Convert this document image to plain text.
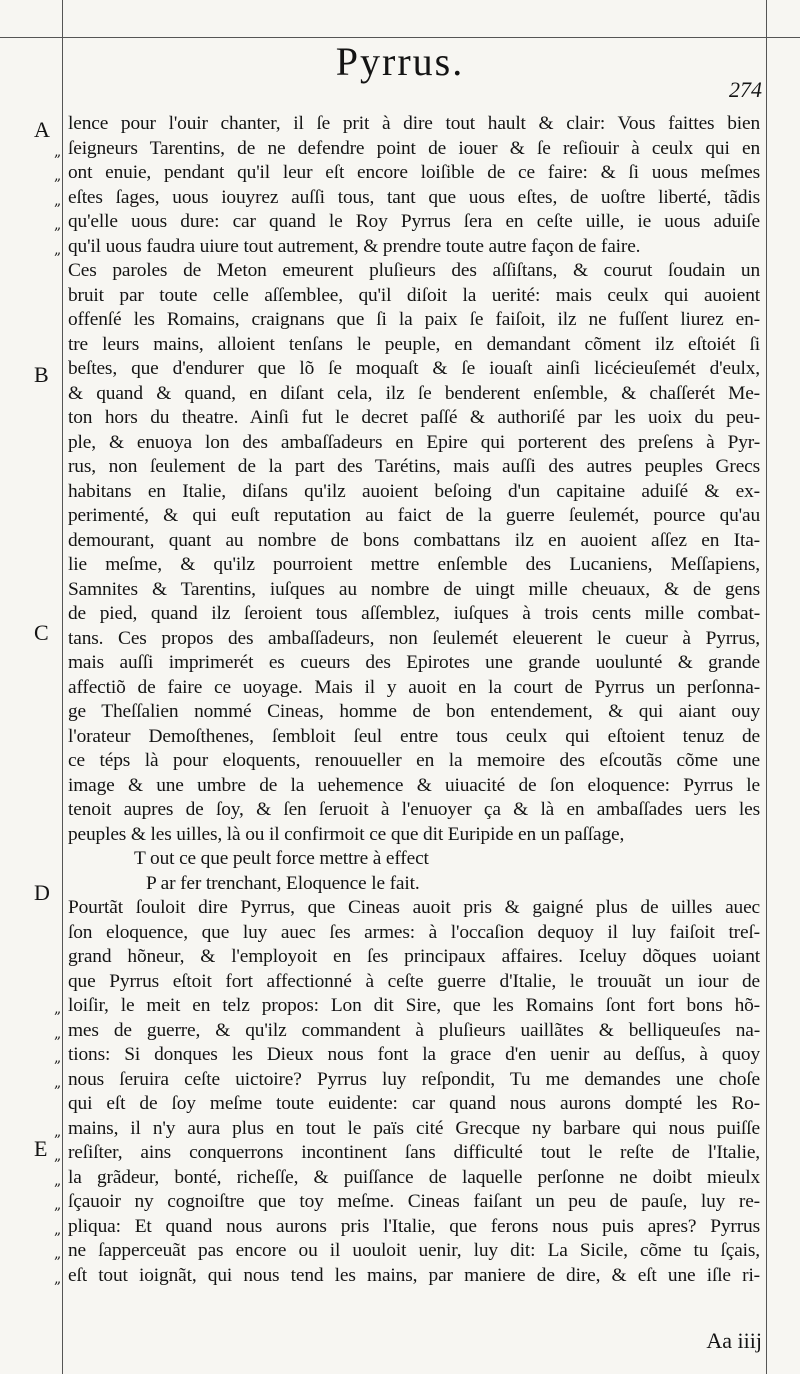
Pyrrus.
274
A
B
C
D
E
„
„
„
„
„
„
„
„
„
„
„
„
„
„
„
„
lence pour l'ouir chanter, il ſe prit à dire tout hault & clair: Vous faittes bien
ſeigneurs Tarentins, de ne defendre point de iouer & ſe reſiouir à ceulx qui en
ont enuie, pendant qu'il leur eſt encore loiſible de ce faire: & ſi uous meſmes
eſtes ſages, uous iouyrez auſſi tous, tant que uous eſtes, de uoſtre liberté, tãdis
qu'elle uous dure: car quand le Roy Pyrrus ſera en ceſte uille, ie uous aduiſe
qu'il uous faudra uiure tout autrement, & prendre toute autre façon de faire.
Ces paroles de Meton emeurent pluſieurs des aſſiſtans, & courut ſoudain un
bruit par toute celle aſſemblee, qu'il diſoit la uerité: mais ceulx qui auoient
offenſé les Romains, craignans que ſi la paix ſe faiſoit, ilz ne fuſſent liurez en-
tre leurs mains, alloient tenſans le peuple, en demandant cõment ilz eſtoiét ſi
beſtes, que d'endurer que lõ ſe moquaſt & ſe iouaſt ainſi licécieuſemét d'eulx,
& quand & quand, en diſant cela, ilz ſe benderent enſemble, & chaſſerét Me-
ton hors du theatre. Ainſi fut le decret paſſé & authoriſé par les uoix du peu-
ple, & enuoya lon des ambaſſadeurs en Epire qui porterent des preſens à Pyr-
rus, non ſeulement de la part des Tarétins, mais auſſi des autres peuples Grecs
habitans en Italie, diſans qu'ilz auoient beſoing d'un capitaine aduiſé & ex-
perimenté, & qui euſt reputation au faict de la guerre ſeulemét, pource qu'au
demourant, quant au nombre de bons combattans ilz en auoient aſſez en Ita-
lie meſme, & qu'ilz pourroient mettre enſemble des Lucaniens, Meſſapiens,
Samnites & Tarentins, iuſques au nombre de uingt mille cheuaux, & de gens
de pied, quand ilz ſeroient tous aſſemblez, iuſques à trois cents mille combat-
tans. Ces propos des ambaſſadeurs, non ſeulemét eleuerent le cueur à Pyrrus,
mais auſſi imprimerét es cueurs des Epirotes une grande uoulunté & grande
affectiõ de faire ce uoyage. Mais il y auoit en la court de Pyrrus un perſonna-
ge Theſſalien nommé Cineas, homme de bon entendement, & qui aiant ouy
l'orateur Demoſthenes, ſembloit ſeul entre tous ceulx qui eſtoient tenuz de
ce téps là pour eloquents, renouueller en la memoire des eſcoutãs cõme une
image & une umbre de la uehemence & uiuacité de ſon eloquence: Pyrrus le
tenoit aupres de ſoy, & ſen ſeruoit à l'enuoyer ça & là en ambaſſades uers les
peuples & les uilles, là ou il confirmoit ce que dit Euripide en un paſſage,
T out ce que peult force mettre à effect
P ar fer trenchant, Eloquence le fait.
Pourtãt ſouloit dire Pyrrus, que Cineas auoit pris & gaigné plus de uilles auec
ſon eloquence, que luy auec ſes armes: à l'occaſion dequoy il luy faiſoit treſ-
grand hõneur, & l'employoit en ſes principaux affaires. Iceluy dõques uoiant
que Pyrrus eſtoit fort affectionné à ceſte guerre d'Italie, le trouuãt un iour de
loiſir, le meit en telz propos: Lon dit Sire, que les Romains ſont fort bons hõ-
mes de guerre, & qu'ilz commandent à pluſieurs uaillãtes & belliqueuſes na-
tions: Si donques les Dieux nous font la grace d'en uenir au deſſus, à quoy
nous ſeruira ceſte uictoire? Pyrrus luy reſpondit, Tu me demandes une choſe
qui eſt de ſoy meſme toute euidente: car quand nous aurons dompté les Ro-
mains, il n'y aura plus en tout le païs cité Grecque ny barbare qui nous puiſſe
reſiſter, ains conquerrons incontinent ſans difficulté tout le reſte de l'Italie,
la grãdeur, bonté, richeſſe, & puiſſance de laquelle perſonne ne doibt mieulx
ſçauoir ny cognoiſtre que toy meſme. Cineas faiſant un peu de pauſe, luy re-
pliqua: Et quand nous aurons pris l'Italie, que ferons nous puis apres? Pyrrus
ne ſapperceuãt pas encore ou il uouloit uenir, luy dit: La Sicile, cõme tu ſçais,
eſt tout ioignãt, qui nous tend les mains, par maniere de dire, & eſt une iſle ri-
Aa iiij
